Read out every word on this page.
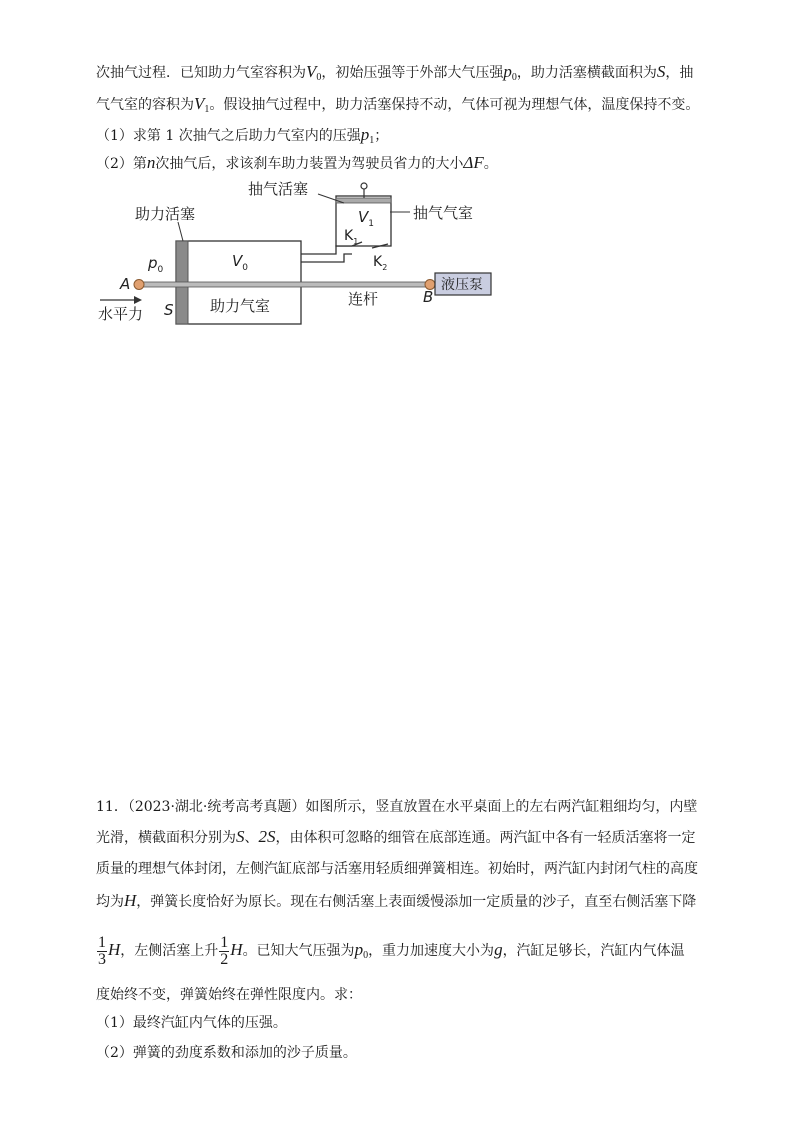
次抽气过程．已知助力气室容积为$V_0$，初始压强等于外部大气压强$p_0$，助力活塞横截面积为S，抽
气气室的容积为$V_1$。假设抽气过程中，助力活塞保持不动，气体可视为理想气体，温度保持不变。
（1）求第 1 次抽气之后助力气室内的压强$p_1$；
（2）第n次抽气后，求该刹车助力装置为驾驶员省力的大小ΔF。
助力活塞
抽气活塞
$V_1$
抽气气室
$K_1$
$K_2$
$p_0$	$V_0$
A
B
S
水平力	助力气室	连杆
液压泵
11．（2023·湖北·统考高考真题）如图所示，竖直放置在水平桌面上的左右两汽缸粗细均匀，内壁
光滑，横截面积分别为S、2S，由体积可忽略的细管在底部连通。两汽缸中各有一轻质活塞将一定
质量的理想气体封闭，左侧汽缸底部与活塞用轻质细弹簧相连。初始时，两汽缸内封闭气柱的高度
均为H，弹簧长度恰好为原长。现在右侧活塞上表面缓慢添加一定质量的沙子，直至右侧活塞下降
$\frac{1}{3}$ H，左侧活塞上升 $\frac{1}{2}$ H。已知大气压强为$p_0$，重力加速度大小为g，汽缸足够长，汽缸内气体温
度始终不变，弹簧始终在弹性限度内。求：
（1）最终汽缸内气体的压强。
（2）弹簧的劲度系数和添加的沙子质量。
